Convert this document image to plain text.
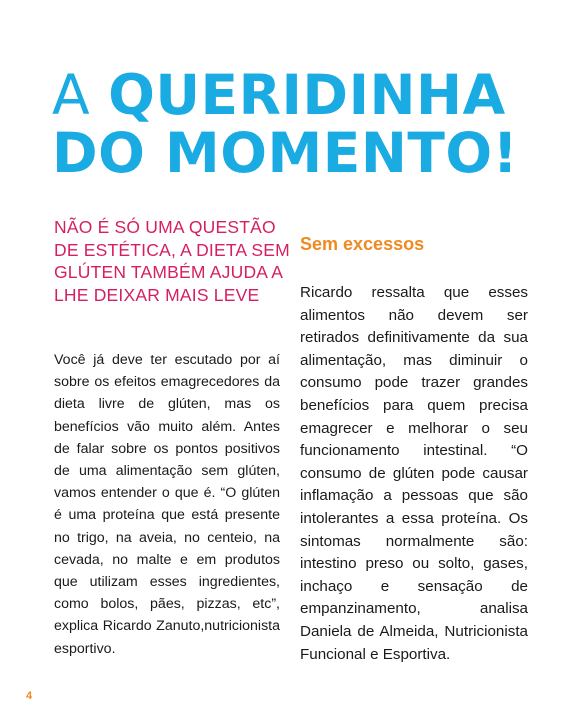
A QUERIDINHA
DO MOMENTO!

NÃO É SÓ UMA QUESTÃO DE ESTÉTICA, A DIETA SEM GLÚTEN TAMBÉM AJUDA A LHE DEIXAR MAIS LEVE

Você já deve ter escutado por aí sobre os efeitos emagrecedores da dieta livre de glúten, mas os benefícios vão muito além. Antes de falar sobre os pontos positivos de uma alimentação sem glúten, vamos entender o que é. “O glúten é uma proteína que está presente no trigo, na aveia, no centeio, na cevada, no malte e em produtos que utilizam esses ingredientes, como bolos, pães, pizzas, etc”, explica Ricardo Zanuto,nutricionista esportivo.

Sem excessos

Ricardo ressalta que esses alimentos não devem ser retirados definitivamente da sua alimentação, mas diminuir o consumo pode trazer grandes benefícios para quem precisa emagrecer e melhorar o seu funcionamento intestinal. “O consumo de glúten pode causar inflamação a pessoas que são intolerantes a essa proteína. Os sintomas normalmente são: intestino preso ou solto, gases, inchaço e sensação de empanzinamento, analisa Daniela de Almeida, Nutricionista Funcional e Esportiva.

4
